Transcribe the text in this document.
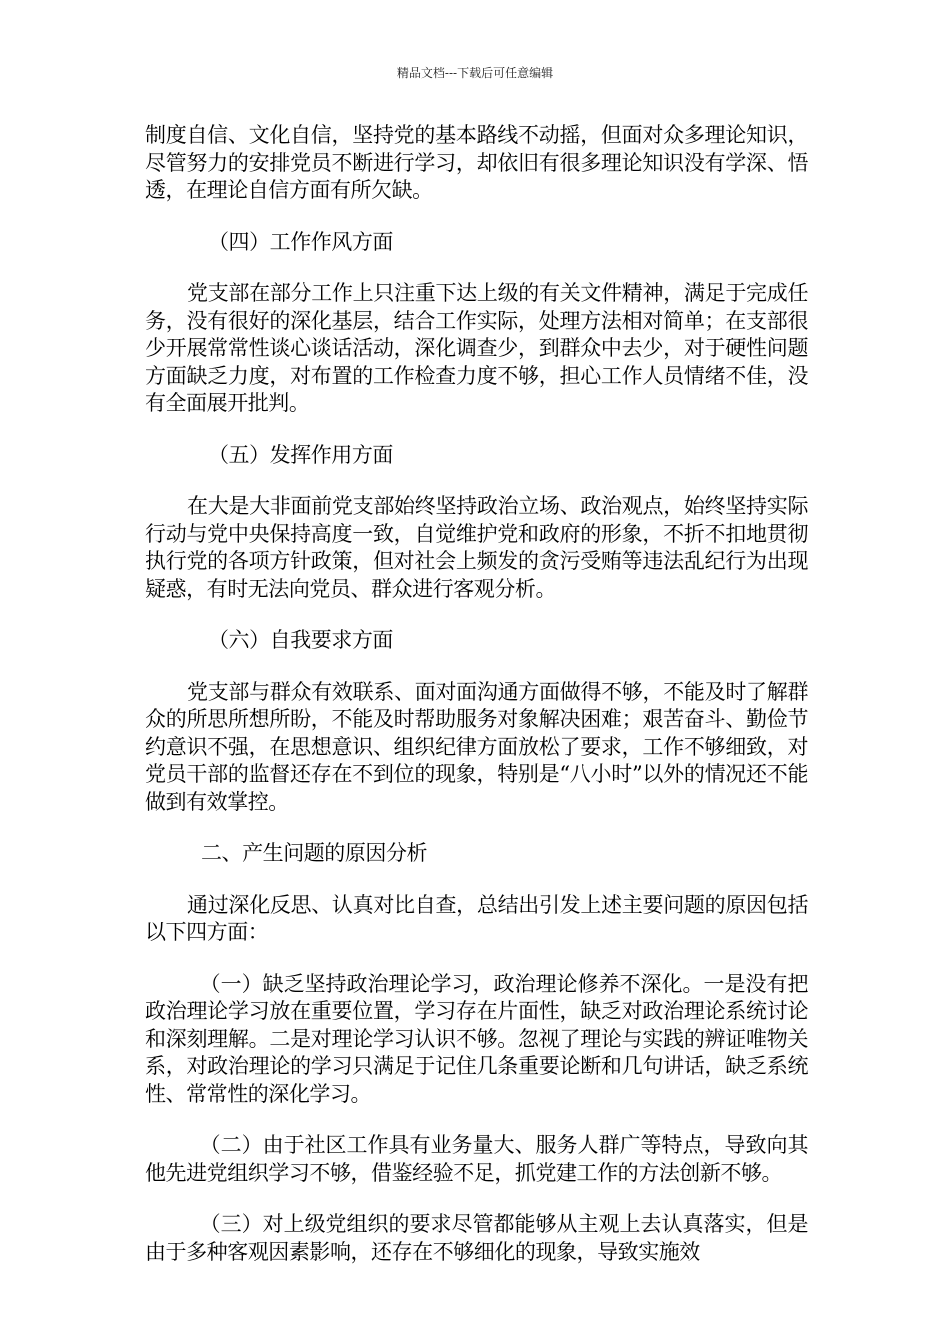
精品文档---下载后可任意编辑

制度自信、文化自信，坚持党的基本路线不动摇，但面对众多理论知识，尽管努力的安排党员不断进行学习，却依旧有很多理论知识没有学深、悟透，在理论自信方面有所欠缺。

（四）工作作风方面

党支部在部分工作上只注重下达上级的有关文件精神，满足于完成任务，没有很好的深化基层，结合工作实际，处理方法相对简单；在支部很少开展常常性谈心谈话活动，深化调查少，到群众中去少，对于硬性问题方面缺乏力度，对布置的工作检查力度不够，担心工作人员情绪不佳，没有全面展开批判。

（五）发挥作用方面

在大是大非面前党支部始终坚持政治立场、政治观点，始终坚持实际行动与党中央保持高度一致，自觉维护党和政府的形象，不折不扣地贯彻执行党的各项方针政策，但对社会上频发的贪污受贿等违法乱纪行为出现疑惑，有时无法向党员、群众进行客观分析。

（六）自我要求方面

党支部与群众有效联系、面对面沟通方面做得不够，不能及时了解群众的所思所想所盼，不能及时帮助服务对象解决困难；艰苦奋斗、勤俭节约意识不强，在思想意识、组织纪律方面放松了要求，工作不够细致，对党员干部的监督还存在不到位的现象，特别是“八小时”以外的情况还不能做到有效掌控。

二、产生问题的原因分析

通过深化反思、认真对比自查，总结出引发上述主要问题的原因包括以下四方面：

（一）缺乏坚持政治理论学习，政治理论修养不深化。一是没有把政治理论学习放在重要位置，学习存在片面性，缺乏对政治理论系统讨论和深刻理解。二是对理论学习认识不够。忽视了理论与实践的辨证唯物关系，对政治理论的学习只满足于记住几条重要论断和几句讲话，缺乏系统性、常常性的深化学习。

（二）由于社区工作具有业务量大、服务人群广等特点，导致向其他先进党组织学习不够，借鉴经验不足，抓党建工作的方法创新不够。

（三）对上级党组织的要求尽管都能够从主观上去认真落实，但是由于多种客观因素影响，还存在不够细化的现象，导致实施效
